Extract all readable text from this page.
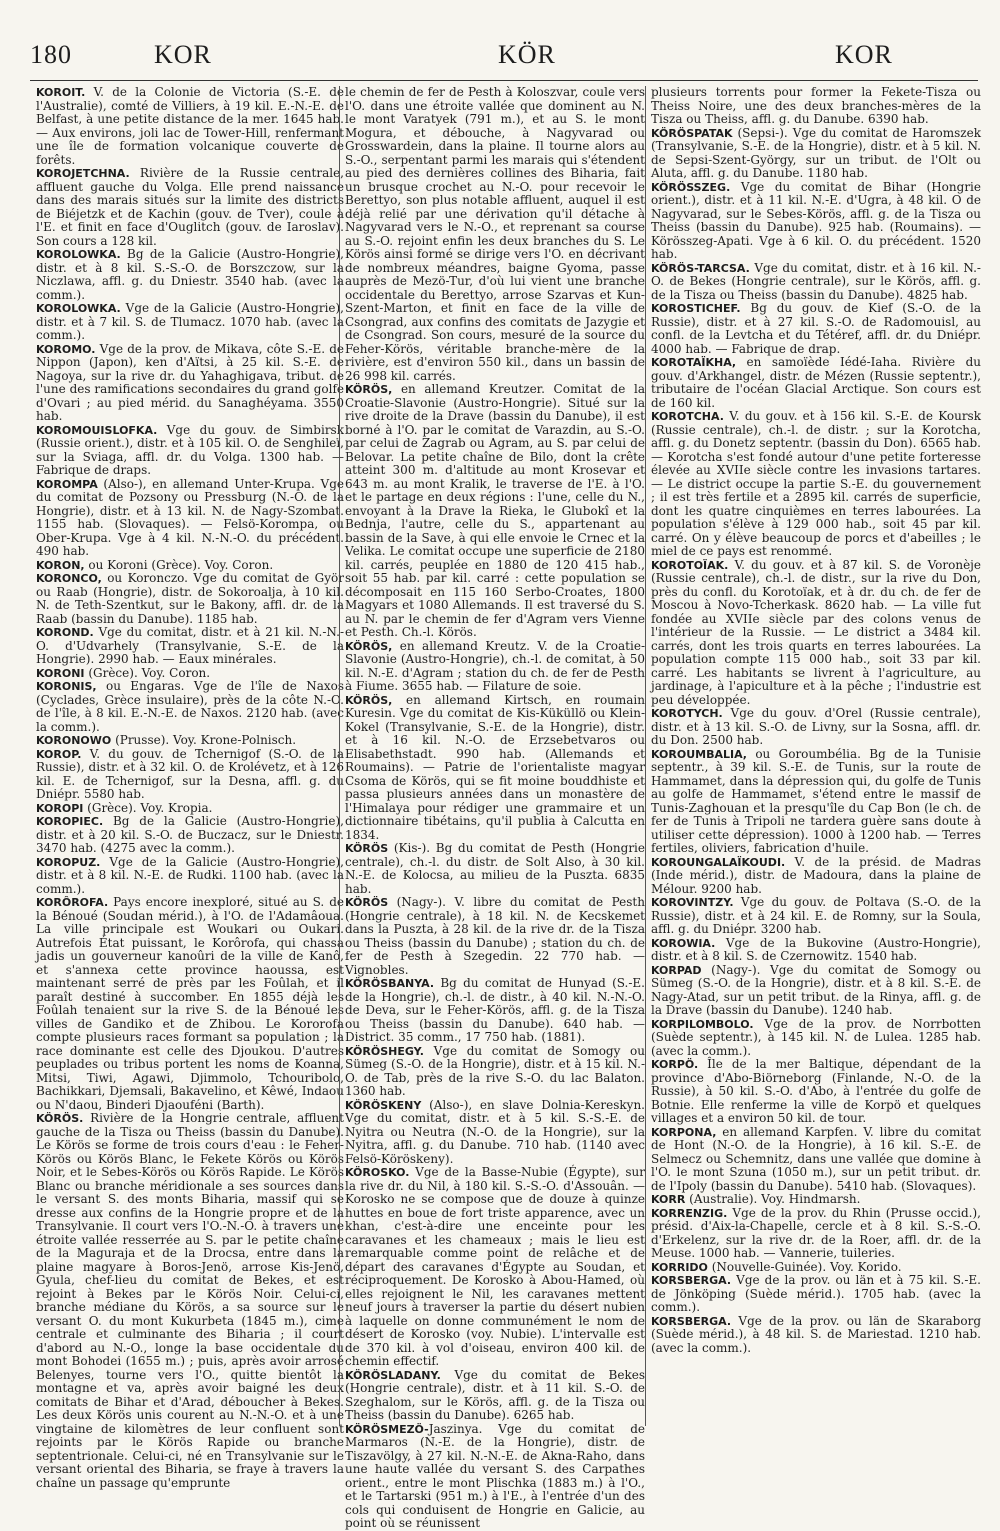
180	KOR	KÖR	KOR

KOROIT. V. de la Colonie de Victoria (S.-E. de l'Australie), comté de Villiers, à 19 kil. E.-N.-E. de Belfast, à une petite distance de la mer. 1645 hab. — Aux environs, joli lac de Tower-Hill, renfermant une île de formation volcanique couverte de forêts.

KOROJETCHNA. Rivière de la Russie centrale, affluent gauche du Volga. Elle prend naissance dans des marais situés sur la limite des districts de Biéjetzk et de Kachin (gouv. de Tver), coule à l'E. et finit en face d'Ouglitch (gouv. de Iaroslav). Son cours a 128 kil.

KOROLOWKA. Bg de la Galicie (Austro-Hongrie), distr. et à 8 kil. S.-S.-O. de Borszczow, sur la Niczlawa, affl. g. du Dniestr. 3540 hab. (avec la comm.).

KOROLOWKA. Vge de la Galicie (Austro-Hongrie), distr. et à 7 kil. S. de Tlumacz. 1070 hab. (avec la comm.).

KOROMO. Vge de la prov. de Mikava, côte S.-E. de Nippon (Japon), ken d'Aïtsi, à 25 kil. S.-E. de Nagoya, sur la rive dr. du Yahaghigava, tribut. de l'une des ramifications secondaires du grand golfe d'Ovari ; au pied mérid. du Sanaghéyama. 3550 hab.

KOROMOUISLOFKA. Vge du gouv. de Simbirsk (Russie orient.), distr. et à 105 kil. O. de Senghileï, sur la Sviaga, affl. dr. du Volga. 1300 hab. — Fabrique de draps.

KOROMPA (Also-), en allemand Unter-Krupa. Vge du comitat de Pozsony ou Pressburg (N.-O. de la Hongrie), distr. et à 13 kil. N. de Nagy-Szombat. 1155 hab. (Slovaques). — Felsö-Korompa, ou Ober-Krupa. Vge à 4 kil. N.-N.-O. du précédent. 490 hab.

KORON, ou Koroni (Grèce). Voy. Coron.

KORONCO, ou Koronczo. Vge du comitat de Györ ou Raab (Hongrie), distr. de Sokoroalja, à 10 kil. N. de Teth-Szentkut, sur le Bakony, affl. dr. de la Raab (bassin du Danube). 1185 hab.

KOROND. Vge du comitat, distr. et à 21 kil. N.-N.-O. d'Udvarhely (Transylvanie, S.-E. de la Hongrie). 2990 hab. — Eaux minérales.

KORONI (Grèce). Voy. Coron.

KORONIS, ou Engaras. Vge de l'île de Naxos (Cyclades, Grèce insulaire), près de la côte N.-O. de l'île, à 8 kil. E.-N.-E. de Naxos. 2120 hab. (avec la comm.).

KORONOWO (Prusse). Voy. Krone-Polnisch.

KOROP. V. du gouv. de Tchernigof (S.-O. de la Russie), distr. et à 32 kil. O. de Krolévetz, et à 126 kil. E. de Tchernigof, sur la Desna, affl. g. du Dniépr. 5580 hab.

KOROPI (Grèce). Voy. Kropia.

KOROPIEC. Bg de la Galicie (Austro-Hongrie), distr. et à 20 kil. S.-O. de Buczacz, sur le Dniestr. 3470 hab. (4275 avec la comm.).

KOROPUZ. Vge de la Galicie (Austro-Hongrie), distr. et à 8 kil. N.-E. de Rudki. 1100 hab. (avec la comm.).

KORÔROFA. Pays encore inexploré, situé au S. de la Bénoué (Soudan mérid.), à l'O. de l'Adamâoua. La ville principale est Woukari ou Oukari. Autrefois État puissant, le Korôrofa, qui chassa jadis un gouverneur kanoûri de la ville de Kanô, et s'annexa cette province haoussa, est maintenant serré de près par les Foûlah, et il paraît destiné à succomber. En 1855 déjà les Foûlah tenaient sur la rive S. de la Bénoué les villes de Gandiko et de Zhibou. Le Kororofa compte plusieurs races formant sa population ; la race dominante est celle des Djoukou. D'autres peuplades ou tribus portent les noms de Koanna, Mitsi, Tiwi, Agawi, Djimmolo, Tchouribolo, Bachikkari, Djemsali, Bakavelino, et Kêwé, Indaou ou N'daou, Binderi Djaouféni (Barth).

KÖRÖS. Rivière de la Hongrie centrale, affluent gauche de la Tisza ou Theiss (bassin du Danube). Le Körös se forme de trois cours d'eau : le Feher-Körös ou Körös Blanc, le Fekete Körös ou Körös Noir, et le Sebes-Körös ou Körös Rapide. Le Körös Blanc ou branche méridionale a ses sources dans le versant S. des monts Biharia, massif qui se dresse aux confins de la Hongrie propre et de la Transylvanie. Il court vers l'O.-N.-O. à travers une étroite vallée resserrée au S. par le petite chaîne de la Maguraja et de la Drocsa, entre dans la plaine magyare à Boros-Jenö, arrose Kis-Jenö, Gyula, chef-lieu du comitat de Bekes, et est rejoint à Bekes par le Körös Noir. Celui-ci, branche médiane du Körös, a sa source sur le versant O. du mont Kukurbeta (1845 m.), cime centrale et culminante des Biharia ; il court d'abord au N.-O., longe la base occidentale du mont Bohodei (1655 m.) ; puis, après avoir arrosé Belenyes, tourne vers l'O., quitte bientôt la montagne et va, après avoir baigné les deux comitats de Bihar et d'Arad, déboucher à Bekes. Les deux Körös unis courent au N.-N.-O. et à une vingtaine de kilomètres de leur confluent sont rejoints par le Körös Rapide ou branche septentrionale. Celui-ci, né en Transylvanie sur le versant oriental des Biharia, se fraye à travers la chaîne un passage qu'emprunte

le chemin de fer de Pesth à Koloszvar, coule vers l'O. dans une étroite vallée que dominent au N. le mont Varatyek (791 m.), et au S. le mont Mogura, et débouche, à Nagyvarad ou Grosswardein, dans la plaine. Il tourne alors au S.-O., serpentant parmi les marais qui s'étendent au pied des dernières collines des Biharia, fait un brusque crochet au N.-O. pour recevoir le Berettyo, son plus notable affluent, auquel il est déjà relié par une dérivation qu'il détache à Nagyvarad vers le N.-O., et reprenant sa course au S.-O. rejoint enfin les deux branches du S. Le Körös ainsi formé se dirige vers l'O. en décrivant de nombreux méandres, baigne Gyoma, passe auprès de Mezö-Tur, d'où lui vient une branche occidentale du Berettyo, arrose Szarvas et Kun-Szent-Marton, et finit en face de la ville de Csongrad, aux confins des comitats de Jazygie et de Csongrad. Son cours, mesuré de la source du Feher-Körös, véritable branche-mère de la rivière, est d'environ 550 kil., dans un bassin de 26 998 kil. carrés.

KÖRÖS, en allemand Kreutzer. Comitat de la Croatie-Slavonie (Austro-Hongrie). Situé sur la rive droite de la Drave (bassin du Danube), il est borné à l'O. par le comitat de Varazdin, au S.-O. par celui de Zagrab ou Agram, au S. par celui de Belovar. La petite chaîne de Bilo, dont la crête atteint 300 m. d'altitude au mont Krosevar et 643 m. au mont Kralik, le traverse de l'E. à l'O. et le partage en deux régions : l'une, celle du N., envoyant à la Drave la Rieka, le Glubokî et la Bednja, l'autre, celle du S., appartenant au bassin de la Save, à qui elle envoie le Crnec et la Velika. Le comitat occupe une superficie de 2180 kil. carrés, peuplée en 1880 de 120 415 hab., soit 55 hab. par kil. carré : cette population se décomposait en 115 160 Serbo-Croates, 1800 Magyars et 1080 Allemands. Il est traversé du S. au N. par le chemin de fer d'Agram vers Vienne et Pesth. Ch.-l. Körös.

KÖRÖS, en allemand Kreutz. V. de la Croatie-Slavonie (Austro-Hongrie), ch.-l. de comitat, à 50 kil. N.-E. d'Agram ; station du ch. de fer de Pesth à Fiume. 3655 hab. — Filature de soie.

KÖRÖS, en allemand Kirtsch, en roumain Kuresin. Vge du comitat de Kis-Küküllö ou Klein-Kokel (Transylvanie, S.-E. de la Hongrie), distr. et à 16 kil. N.-O. de Erzsebetvaros ou Elisabethstadt. 990 hab. (Allemands et Roumains). — Patrie de l'orientaliste magyar Csoma de Körös, qui se fit moine bouddhiste et passa plusieurs années dans un monastère de l'Himalaya pour rédiger une grammaire et un dictionnaire tibétains, qu'il publia à Calcutta en 1834.

KÖRÖS (Kis-). Bg du comitat de Pesth (Hongrie centrale), ch.-l. du distr. de Solt Also, à 30 kil. N.-E. de Kolocsa, au milieu de la Puszta. 6835 hab.

KÖRÖS (Nagy-). V. libre du comitat de Pesth (Hongrie centrale), à 18 kil. N. de Kecskemet dans la Puszta, à 28 kil. de la rive dr. de la Tisza ou Theiss (bassin du Danube) ; station du ch. de fer de Pesth à Szegedin. 22 770 hab. — Vignobles.

KÖRÖSBANYA. Bg du comitat de Hunyad (S.-E. de la Hongrie), ch.-l. de distr., à 40 kil. N.-N.-O. de Deva, sur le Feher-Körös, affl. g. de la Tisza ou Theiss (bassin du Danube). 640 hab. — District. 35 comm., 17 750 hab. (1881).

KÖRÖSHEGY. Vge du comitat de Somogy ou Sümeg (S.-O. de la Hongrie), distr. et à 15 kil. N.-O. de Tab, près de la rive S.-O. du lac Balaton. 1360 hab.

KÖRÖSKENY (Also-), en slave Dolnia-Kereskyn. Vge du comitat, distr. et à 5 kil. S.-S.-E. de Nyitra ou Neutra (N.-O. de la Hongrie), sur la Nyitra, affl. g. du Danube. 710 hab. (1140 avec Felsö-Köröskeny).

KÖROSKO. Vge de la Basse-Nubie (Égypte), sur la rive dr. du Nil, à 180 kil. S.-S.-O. d'Assouân. — Korosko ne se compose que de douze à quinze huttes en boue de fort triste apparence, avec un khan, c'est-à-dire une enceinte pour les caravanes et les chameaux ; mais le lieu est remarquable comme point de relâche et de départ des caravanes d'Égypte au Soudan, et réciproquement. De Korosko à Abou-Hamed, où elles rejoignent le Nil, les caravanes mettent neuf jours à traverser la partie du désert nubien à laquelle on donne communément le nom de désert de Korosko (voy. Nubie). L'intervalle est de 370 kil. à vol d'oiseau, environ 400 kil. de chemin effectif.

KÖRÖSLADANY. Vge du comitat de Bekes (Hongrie centrale), distr. et à 11 kil. S.-O. de Szeghalom, sur le Körös, affl. g. de la Tisza ou Theiss (bassin du Danube). 6265 hab.

KÖRÖSMEZÖ-Jaszinya. Vge du comitat de Marmaros (N.-E. de la Hongrie), distr. de Tiszavölgy, à 27 kil. N.-N.-E. de Akna-Raho, dans une haute vallée du versant S. des Carpathes orient., entre le mont Plischka (1883 m.) à l'O., et le Tartarski (951 m.) à l'E., à l'entrée d'un des cols qui conduisent de Hongrie en Galicie, au point où se réunissent

plusieurs torrents pour former la Fekete-Tisza ou Theiss Noire, une des deux branches-mères de la Tisza ou Theiss, affl. g. du Danube. 6390 hab.

KÖRÖSPATAK (Sepsi-). Vge du comitat de Haromszek (Transylvanie, S.-E. de la Hongrie), distr. et à 5 kil. N. de Sepsi-Szent-György, sur un tribut. de l'Olt ou Aluta, affl. g. du Danube. 1180 hab.

KÖRÖSSZEG. Vge du comitat de Bihar (Hongrie orient.), distr. et à 11 kil. N.-E. d'Ugra, à 48 kil. O de Nagyvarad, sur le Sebes-Körös, affl. g. de la Tisza ou Theiss (bassin du Danube). 925 hab. (Roumains). — Körösszeg-Apati. Vge à 6 kil. O. du précédent. 1520 hab.

KÖRÖS-TARCSA. Vge du comitat, distr. et à 16 kil. N.-O. de Bekes (Hongrie centrale), sur le Körös, affl. g. de la Tisza ou Theiss (bassin du Danube). 4825 hab.

KOROSTICHEF. Bg du gouv. de Kief (S.-O. de la Russie), distr. et à 27 kil. S.-O. de Radomouisl, au confl. de la Levtcha et du Tétéref, affl. dr. du Dniépr. 4000 hab. — Fabrique de drap.

KOROTAÏKHA, en samoïède Iédé-Iaha. Rivière du gouv. d'Arkhangel, distr. de Mézen (Russie septentr.), tributaire de l'océan Glacial Arctique. Son cours est de 160 kil.

KOROTCHA. V. du gouv. et à 156 kil. S.-E. de Koursk (Russie centrale), ch.-l. de distr. ; sur la Korotcha, affl. g. du Donetz septentr. (bassin du Don). 6565 hab. — Korotcha s'est fondé autour d'une petite forteresse élevée au XVIIe siècle contre les invasions tartares. — Le district occupe la partie S.-E. du gouvernement ; il est très fertile et a 2895 kil. carrés de superficie, dont les quatre cinquièmes en terres labourées. La population s'élève à 129 000 hab., soit 45 par kil. carré. On y élève beaucoup de porcs et d'abeilles ; le miel de ce pays est renommé.

KOROTOÏAK. V. du gouv. et à 87 kil. S. de Voronèje (Russie centrale), ch.-l. de distr., sur la rive du Don, près du confl. du Korotoïak, et à dr. du ch. de fer de Moscou à Novo-Tcherkask. 8620 hab. — La ville fut fondée au XVIIe siècle par des colons venus de l'intérieur de la Russie. — Le district a 3484 kil. carrés, dont les trois quarts en terres labourées. La population compte 115 000 hab., soit 33 par kil. carré. Les habitants se livrent à l'agriculture, au jardinage, à l'apiculture et à la pêche ; l'industrie est peu développée.

KOROTYCH. Vge du gouv. d'Orel (Russie centrale), distr. et à 13 kil. S.-O. de Livny, sur la Sosna, affl. dr. du Don. 2500 hab.

KOROUMBALIA, ou Goroumbélia. Bg de la Tunisie septentr., à 39 kil. S.-E. de Tunis, sur la route de Hammamet, dans la dépression qui, du golfe de Tunis au golfe de Hammamet, s'étend entre le massif de Tunis-Zaghouan et la presqu'île du Cap Bon (le ch. de fer de Tunis à Tripoli ne tardera guère sans doute à utiliser cette dépression). 1000 à 1200 hab. — Terres fertiles, oliviers, fabrication d'huile.

KOROUNGALAÏKOUDI. V. de la présid. de Madras (Inde mérid.), distr. de Madoura, dans la plaine de Mélour. 9200 hab.

KOROVINTZY. Vge du gouv. de Poltava (S.-O. de la Russie), distr. et à 24 kil. E. de Romny, sur la Soula, affl. g. du Dniépr. 3200 hab.

KOROWIA. Vge de la Bukovine (Austro-Hongrie), distr. et à 8 kil. S. de Czernowitz. 1540 hab.

KORPAD (Nagy-). Vge du comitat de Somogy ou Sümeg (S.-O. de la Hongrie), distr. et à 8 kil. S.-E. de Nagy-Atad, sur un petit tribut. de la Rinya, affl. g. de la Drave (bassin du Danube). 1240 hab.

KORPILOMBOLO. Vge de la prov. de Norrbotten (Suède septentr.), à 145 kil. N. de Lulea. 1285 hab. (avec la comm.).

KORPÖ. Île de la mer Baltique, dépendant de la province d'Abo-Biörneborg (Finlande, N.-O. de la Russie), à 50 kil. S.-O. d'Abo, à l'entrée du golfe de Botnie. Elle renferme la ville de Korpö et quelques villages et a environ 50 kil. de tour.

KORPONA, en allemand Karpfen. V. libre du comitat de Hont (N.-O. de la Hongrie), à 16 kil. S.-E. de Selmecz ou Schemnitz, dans une vallée que domine à l'O. le mont Szuna (1050 m.), sur un petit tribut. dr. de l'Ipoly (bassin du Danube). 5410 hab. (Slovaques).

KORR (Australie). Voy. Hindmarsh.

KORRENZIG. Vge de la prov. du Rhin (Prusse occid.), présid. d'Aix-la-Chapelle, cercle et à 8 kil. S.-S.-O. d'Erkelenz, sur la rive dr. de la Roer, affl. dr. de la Meuse. 1000 hab. — Vannerie, tuileries.

KORRIDO (Nouvelle-Guinée). Voy. Korido.

KORSBERGA. Vge de la prov. ou län et à 75 kil. S.-E. de Jönköping (Suède mérid.). 1705 hab. (avec la comm.).

KORSBERGA. Vge de la prov. ou län de Skaraborg (Suède mérid.), à 48 kil. S. de Mariestad. 1210 hab. (avec la comm.).
